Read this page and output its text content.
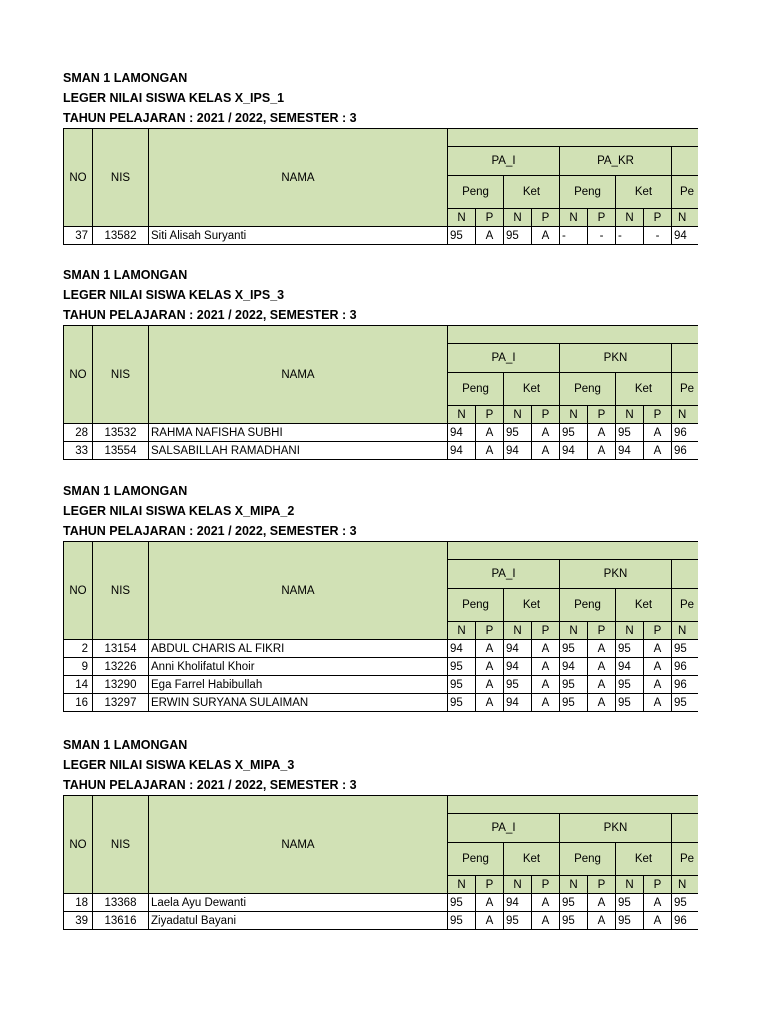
SMAN 1 LAMONGAN
LEGER NILAI SISWA KELAS X_IPS_1
TAHUN PELAJARAN : 2021 / 2022, SEMESTER : 3
NO	NIS	NAMA									
			PA_I				PA_KR				
			Peng		Ket		Peng		Ket		Pe
			N	P	N	P	N	P	N	P	N
37	13582	Siti Alisah Suryanti	95	A	95	A	-	-	-	-	94
SMAN 1 LAMONGAN
LEGER NILAI SISWA KELAS X_IPS_3
TAHUN PELAJARAN : 2021 / 2022, SEMESTER : 3
NO	NIS	NAMA									
			PA_I				PKN				
			Peng		Ket		Peng		Ket		Pe
			N	P	N	P	N	P	N	P	N
28	13532	RAHMA NAFISHA SUBHI	94	A	95	A	95	A	95	A	96
33	13554	SALSABILLAH RAMADHANI	94	A	94	A	94	A	94	A	96
SMAN 1 LAMONGAN
LEGER NILAI SISWA KELAS X_MIPA_2
TAHUN PELAJARAN : 2021 / 2022, SEMESTER : 3
NO	NIS	NAMA									
			PA_I				PKN				
			Peng		Ket		Peng		Ket		Pe
			N	P	N	P	N	P	N	P	N
2	13154	ABDUL CHARIS AL FIKRI	94	A	94	A	95	A	95	A	95
9	13226	Anni Kholifatul Khoir	95	A	94	A	94	A	94	A	96
14	13290	Ega Farrel Habibullah	95	A	95	A	95	A	95	A	96
16	13297	ERWIN SURYANA SULAIMAN	95	A	94	A	95	A	95	A	95
SMAN 1 LAMONGAN
LEGER NILAI SISWA KELAS X_MIPA_3
TAHUN PELAJARAN : 2021 / 2022, SEMESTER : 3
NO	NIS	NAMA									
			PA_I				PKN				
			Peng		Ket		Peng		Ket		Pe
			N	P	N	P	N	P	N	P	N
18	13368	Laela Ayu Dewanti	95	A	94	A	95	A	95	A	95
39	13616	Ziyadatul Bayani	95	A	95	A	95	A	95	A	96
